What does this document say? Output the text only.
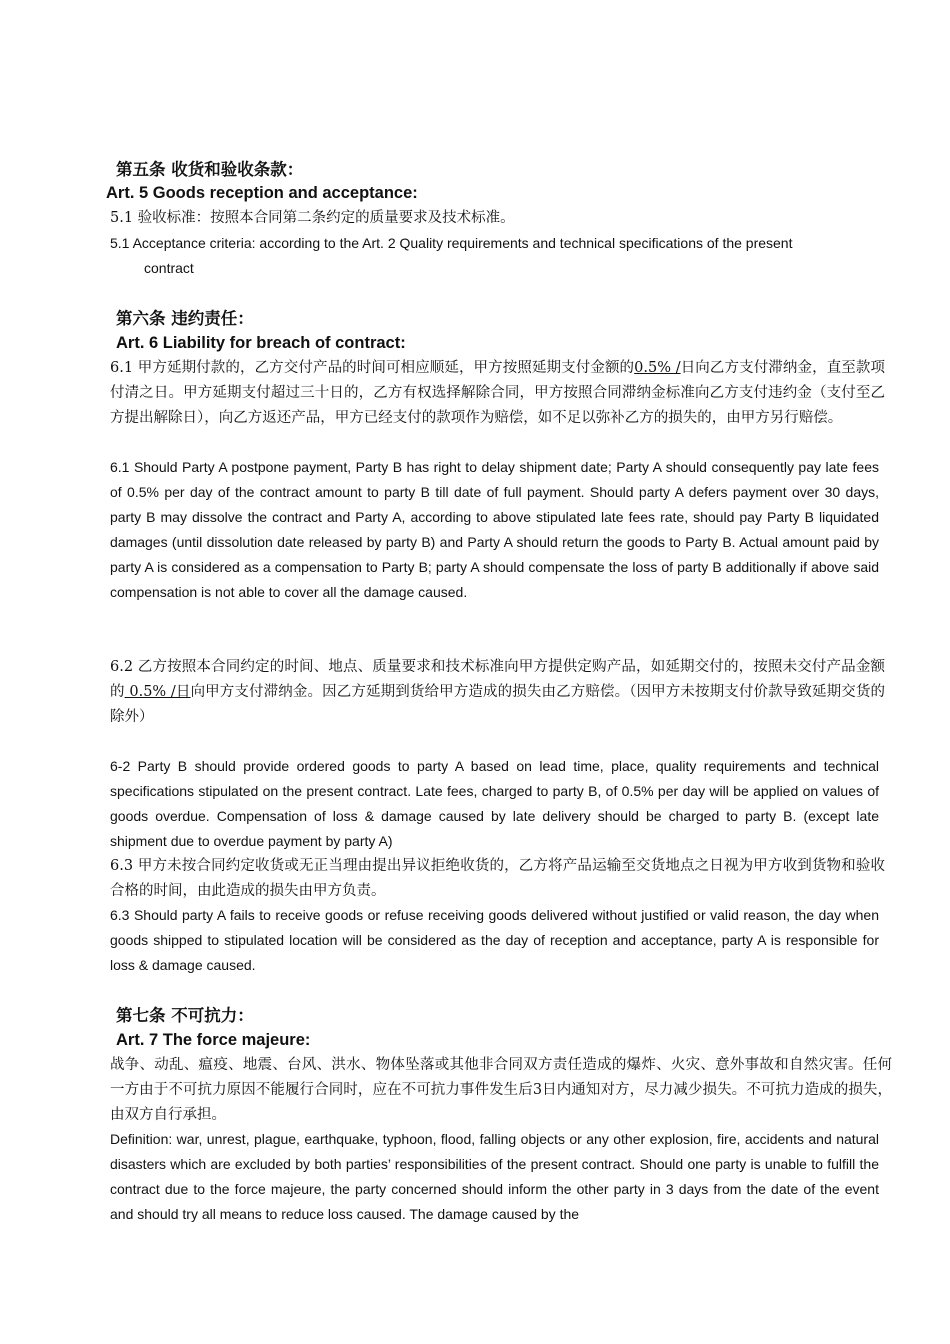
第五条 收货和验收条款：
Art. 5 Goods reception and acceptance:
5.1 验收标准：按照本合同第二条约定的质量要求及技术标准。
5.1 Acceptance criteria: according to the Art. 2 Quality requirements and technical specifications of the present
contract
第六条 违约责任：
Art. 6 Liability for breach of contract:
6.1 甲方延期付款的，乙方交付产品的时间可相应顺延，甲方按照延期支付金额的0.5% /日向乙方支付滞纳金，直至款项付清之日。甲方延期支付超过三十日的，乙方有权选择解除合同，甲方按照合同滞纳金标准向乙方支付违约金（支付至乙方提出解除日），向乙方返还产品，甲方已经支付的款项作为赔偿，如不足以弥补乙方的损失的，由甲方另行赔偿。
6.1 Should Party A postpone payment, Party B has right to delay shipment date; Party A should consequently pay late fees of 0.5% per day of the contract amount to party B till date of full payment. Should party A defers payment over 30 days, party B may dissolve the contract and Party A, according to above stipulated late fees rate, should pay Party B liquidated damages (until dissolution date released by party B) and Party A should return the goods to Party B. Actual amount paid by party A is considered as a compensation to Party B; party A should compensate the loss of party B additionally if above said compensation is not able to cover all the damage caused.
6.2 乙方按照本合同约定的时间、地点、质量要求和技术标准向甲方提供定购产品，如延期交付的，按照未交付产品金额的 0.5% /日向甲方支付滞纳金。因乙方延期到货给甲方造成的损失由乙方赔偿。（因甲方未按期支付价款导致延期交货的除外）
6-2 Party B should provide ordered goods to party A based on lead time, place, quality requirements and technical specifications stipulated on the present contract. Late fees, charged to party B, of 0.5% per day will be applied on values of goods overdue. Compensation of loss & damage caused by late delivery should be charged to party B. (except late shipment due to overdue payment by party A)
6.3 甲方未按合同约定收货或无正当理由提出异议拒绝收货的，乙方将产品运输至交货地点之日视为甲方收到货物和验收合格的时间，由此造成的损失由甲方负责。
6.3 Should party A fails to receive goods or refuse receiving goods delivered without justified or valid reason, the day when goods shipped to stipulated location will be considered as the day of reception and acceptance, party A is responsible for loss & damage caused.
第七条 不可抗力：
Art. 7 The force majeure:
战争、动乱、瘟疫、地震、台风、洪水、物体坠落或其他非合同双方责任造成的爆炸、火灾、意外事故和自然灾害。任何一方由于不可抗力原因不能履行合同时，应在不可抗力事件发生后3日内通知对方，尽力减少损失。不可抗力造成的损失，由双方自行承担。
Definition: war, unrest, plague, earthquake, typhoon, flood, falling objects or any other explosion, fire, accidents and natural disasters which are excluded by both parties’ responsibilities of the present contract. Should one party is unable to fulfill the contract due to the force majeure, the party concerned should inform the other party in 3 days from the date of the event and should try all means to reduce loss caused. The damage caused by the
